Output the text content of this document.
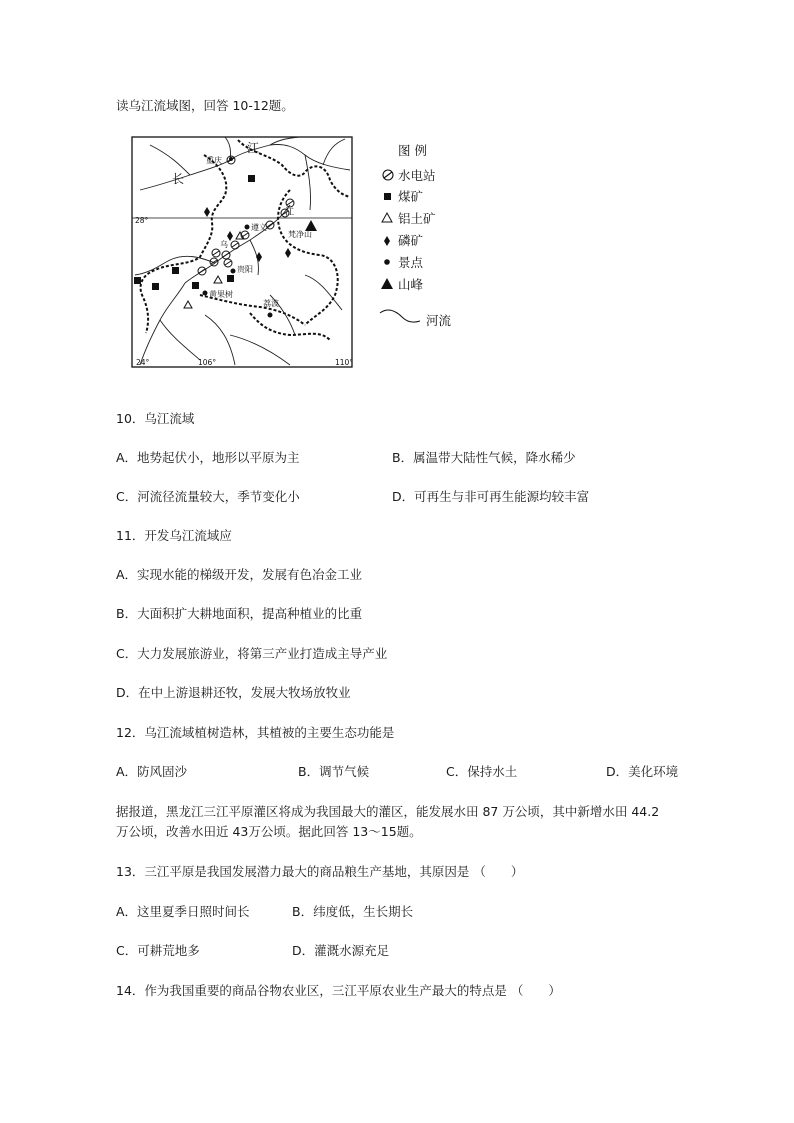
读乌江流域图，回答 10-12题。
重庆
遵义
梵净山
贵阳
黄果树
荔波
长
江
江
乌
28°
24°	106°	110°
图 例
水电站
煤矿
铝土矿
磷矿
景点
山峰
河流
10．乌江流域
A．地势起伏小，地形以平原为主	B．属温带大陆性气候，降水稀少
C．河流径流量较大，季节变化小	D．可再生与非可再生能源均较丰富
11．开发乌江流域应
A．实现水能的梯级开发，发展有色冶金工业
B．大面积扩大耕地面积，提高种植业的比重
C．大力发展旅游业，将第三产业打造成主导产业
D．在中上游退耕还牧，发展大牧场放牧业
12．乌江流域植树造林，其植被的主要生态功能是
A．防风固沙	B．调节气候	C．保持水土	D．美化环境
据报道，黑龙江三江平原灌区将成为我国最大的灌区，能发展水田 87 万公顷，其中新增水田 44.2
万公顷，改善水田近 43万公顷。据此回答 13～15题。
13．三江平原是我国发展潜力最大的商品粮生产基地，其原因是 （　　）
A．这里夏季日照时间长	B．纬度低，生长期长
C．可耕荒地多	D．灌溉水源充足
14．作为我国重要的商品谷物农业区，三江平原农业生产最大的特点是 （　　）
